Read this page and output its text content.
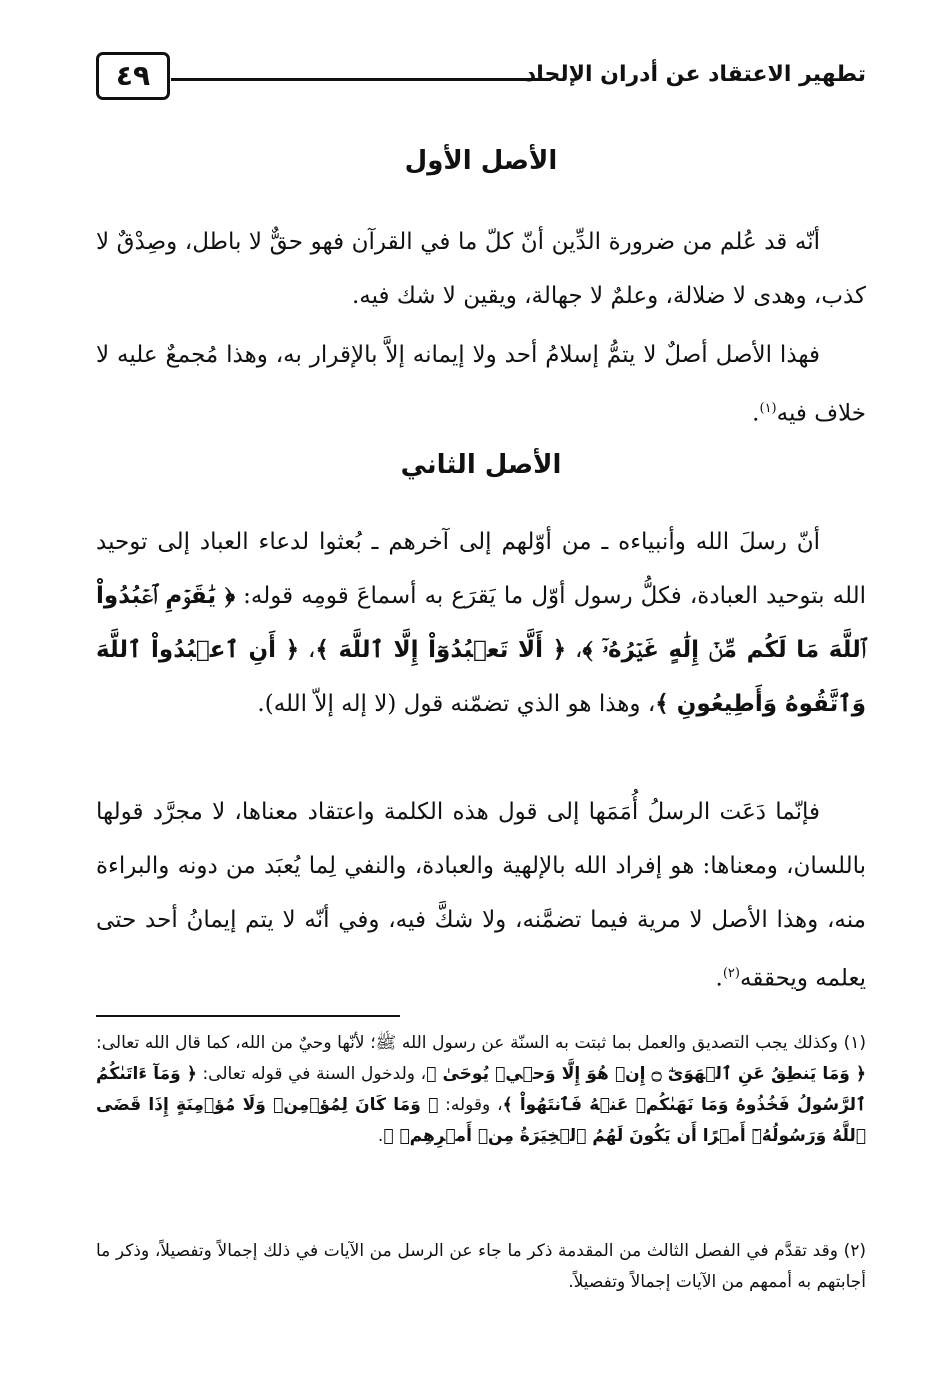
تطهير الاعتقاد عن أدران الإلحاد
٤٩
الأصل الأول

أنّه قد عُلم من ضرورة الدِّين أنّ كلّ ما في القرآن فهو حقٌّ لا باطل، وصِدْقٌ لا كذب، وهدى لا ضلالة، وعلمٌ لا جهالة، ويقين لا شك فيه.

فهذا الأصل أصلٌ لا يتمُّ إسلامُ أحد ولا إيمانه إلاَّ بالإقرار به، وهذا مُجمعٌ عليه لا خلاف فيه$^{(١)}$.

الأصل الثاني

أنّ رسلَ الله وأنبياءه ـ من أوّلهم إلى آخرهم ـ بُعثوا لدعاء العباد إلى توحيد الله بتوحيد العبادة، فكلُّ رسول أوّل ما يَقرَع به أسماعَ قومِه قوله: ﴿ يَٰقَوۡمِ ٱعۡبُدُواْ ٱللَّهَ مَا لَكُم مِّنۡ إِلَٰهٍ غَيۡرُهُۥٓ ﴾، ﴿ أَلَّا تَعۡبُدُوٓاْ إِلَّا ٱللَّهَ ﴾، ﴿ أَنِ ٱعۡبُدُواْ ٱللَّهَ وَٱتَّقُوهُ وَأَطِيعُونِ ﴾، وهذا هو الذي تضمّنه قول (لا إله إلاّ الله).

فإنّما دَعَت الرسلُ أُمَمَها إلى قول هذه الكلمة واعتقاد معناها، لا مجرَّد قولها باللسان، ومعناها: هو إفراد الله بالإلهية والعبادة، والنفي لِما يُعبَد من دونه والبراءة منه، وهذا الأصل لا مرية فيما تضمَّنه، ولا شكَّ فيه، وفي أنّه لا يتم إيمانُ أحد حتى يعلمه ويحققه$^{(٢)}$.

(١) وكذلك يجب التصديق والعمل بما ثبتت به السنّة عن رسول الله ﷺ؛ لأنّها وحيٌ من الله، كما قال الله تعالى: ﴿ وَمَا يَنطِقُ عَنِ ٱلۡهَوَىٰٓ ۝ إِنۡ هُوَ إِلَّا وَحۡيٞ يُوحَىٰ ﴾، ولدخول السنة في قوله تعالى: ﴿ وَمَآ ءَاتَىٰكُمُ ٱلرَّسُولُ فَخُذُوهُ وَمَا نَهَىٰكُمۡ عَنۡهُ فَٱنتَهُواْ ﴾، وقوله: ﴿ وَمَا كَانَ لِمُؤۡمِنٖ وَلَا مُؤۡمِنَةٍ إِذَا قَضَى ٱللَّهُ وَرَسُولُهُۥٓ أَمۡرًا أَن يَكُونَ لَهُمُ ٱلۡخِيَرَةُ مِنۡ أَمۡرِهِمۡ ﴾.

(٢) وقد تقدَّم في الفصل الثالث من المقدمة ذكر ما جاء عن الرسل من الآيات في ذلك إجمالاً وتفصيلاً، وذكر ما أجابتهم به أممهم من الآيات إجمالاً وتفصيلاً.
